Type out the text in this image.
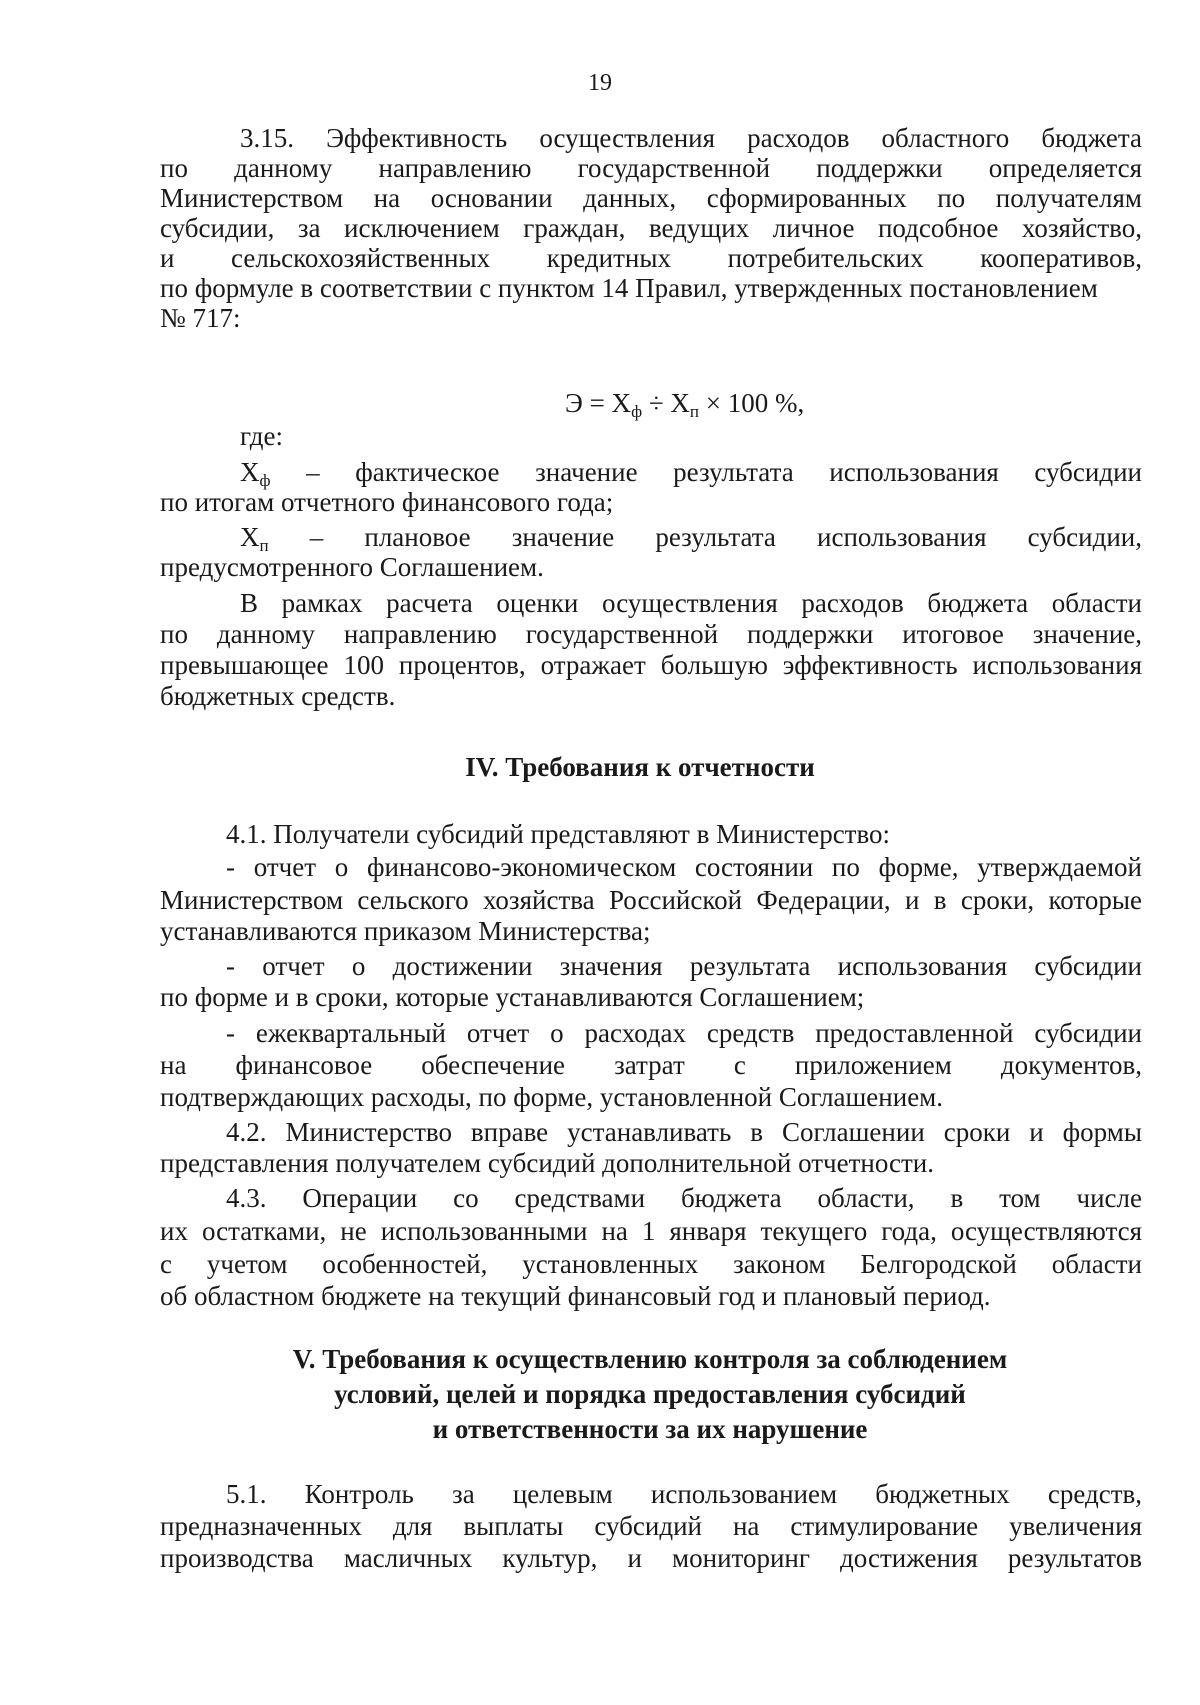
19
3.15. Эффективность осуществления расходов областного бюджета
по данному направлению государственной поддержки определяется
Министерством на основании данных, сформированных по получателям
субсидии, за исключением граждан, ведущих личное подсобное хозяйство,
и сельскохозяйственных кредитных потребительских кооперативов,
по формуле в соответствии с пунктом 14 Правил, утвержденных постановлением
№ 717:
$Э = Х_ф \div Х_п \times 100$ %,
где:
$Х_ф$ – фактическое значение результата использования субсидии
по итогам отчетного финансового года;
$Х_п$ – плановое значение результата использования субсидии,
предусмотренного Соглашением.
В рамках расчета оценки осуществления расходов бюджета области
по данному направлению государственной поддержки итоговое значение,
превышающее 100 процентов, отражает большую эффективность использования
бюджетных средств.
IV. Требования к отчетности
4.1. Получатели субсидий представляют в Министерство:
- отчет о финансово-экономическом состоянии по форме, утверждаемой
Министерством сельского хозяйства Российской Федерации, и в сроки, которые
устанавливаются приказом Министерства;
- отчет о достижении значения результата использования субсидии
по форме и в сроки, которые устанавливаются Соглашением;
- ежеквартальный отчет о расходах средств предоставленной субсидии
на финансовое обеспечение затрат с приложением документов,
подтверждающих расходы, по форме, установленной Соглашением.
4.2. Министерство вправе устанавливать в Соглашении сроки и формы
представления получателем субсидий дополнительной отчетности.
4.3. Операции со средствами бюджета области, в том числе
их остатками, не использованными на 1 января текущего года, осуществляются
с учетом особенностей, установленных законом Белгородской области
об областном бюджете на текущий финансовый год и плановый период.
V. Требования к осуществлению контроля за соблюдением
условий, целей и порядка предоставления субсидий
и ответственности за их нарушение
5.1. Контроль за целевым использованием бюджетных средств,
предназначенных для выплаты субсидий на стимулирование увеличения
производства масличных культур, и мониторинг достижения результатов
